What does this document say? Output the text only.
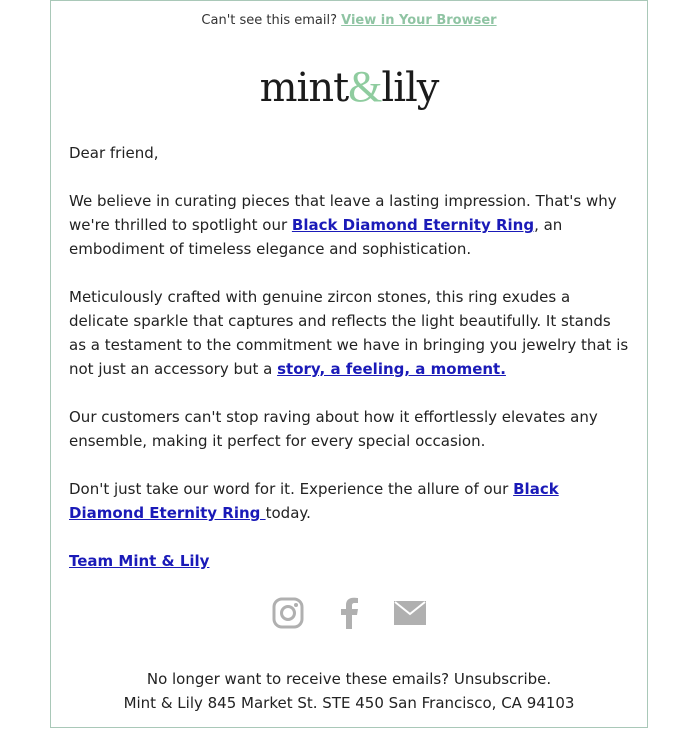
Can't see this email? View in Your Browser
mint&lily

Dear friend,

We believe in curating pieces that leave a lasting impression. That's why we're thrilled to spotlight our Black Diamond Eternity Ring, an embodiment of timeless elegance and sophistication.

Meticulously crafted with genuine zircon stones, this ring exudes a delicate sparkle that captures and reflects the light beautifully. It stands as a testament to the commitment we have in bringing you jewelry that is not just an accessory but a story, a feeling, a moment.

Our customers can't stop raving about how it effortlessly elevates any ensemble, making it perfect for every special occasion.

Don't just take our word for it. Experience the allure of our Black Diamond Eternity Ring today.

Team Mint & Lily

No longer want to receive these emails? Unsubscribe.
Mint & Lily 845 Market St. STE 450 San Francisco, CA 94103
